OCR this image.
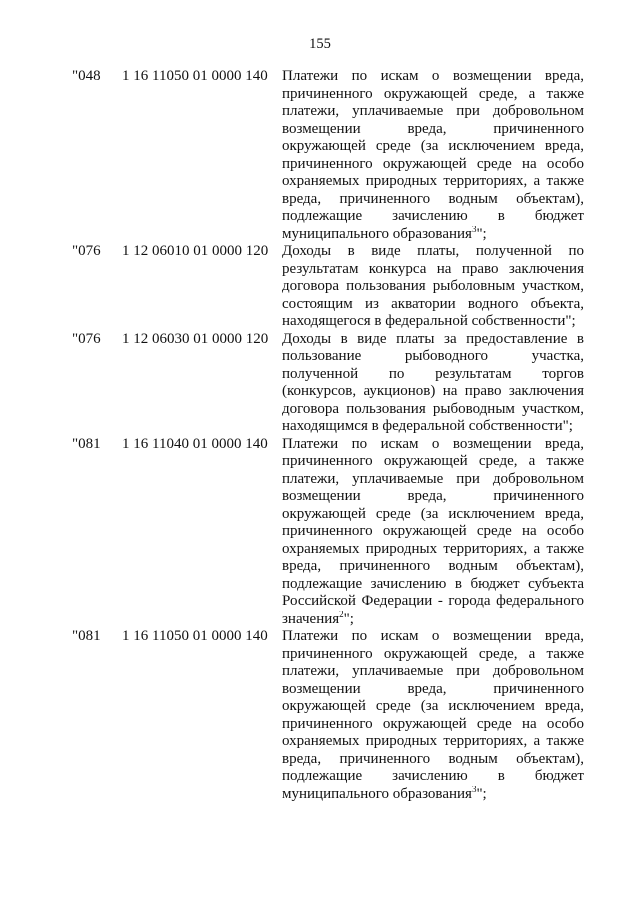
155
"048	1 16 11050 01 0000 140 Платежи по искам о возмещении вреда,
причиненного окружающей среде, а также
платежи, уплачиваемые при добровольном
возмещении вреда, причиненного
окружающей среде (за исключением вреда,
причиненного окружающей среде на особо
охраняемых природных территориях, а также
вреда, причиненного водным объектам),
подлежащие зачислению в бюджет
муниципального образования$^3$";
"076	1 12 06010 01 0000 120 Доходы в виде платы, полученной по
результатам конкурса на право заключения
договора пользования рыболовным участком,
состоящим из акватории водного объекта,
находящегося в федеральной собственности";
"076	1 12 06030 01 0000 120 Доходы в виде платы за предоставление в
пользование рыбоводного участка,
полученной по результатам торгов
(конкурсов, аукционов) на право заключения
договора пользования рыбоводным участком,
находящимся в федеральной собственности";
"081	1 16 11040 01 0000 140 Платежи по искам о возмещении вреда,
причиненного окружающей среде, а также
платежи, уплачиваемые при добровольном
возмещении вреда, причиненного
окружающей среде (за исключением вреда,
причиненного окружающей среде на особо
охраняемых природных территориях, а также
вреда, причиненного водным объектам),
подлежащие зачислению в бюджет субъекта
Российской Федерации - города федерального
значения$^2$";
"081	1 16 11050 01 0000 140 Платежи по искам о возмещении вреда,
причиненного окружающей среде, а также
платежи, уплачиваемые при добровольном
возмещении вреда, причиненного
окружающей среде (за исключением вреда,
причиненного окружающей среде на особо
охраняемых природных территориях, а также
вреда, причиненного водным объектам),
подлежащие зачислению в бюджет
муниципального образования$^3$";
